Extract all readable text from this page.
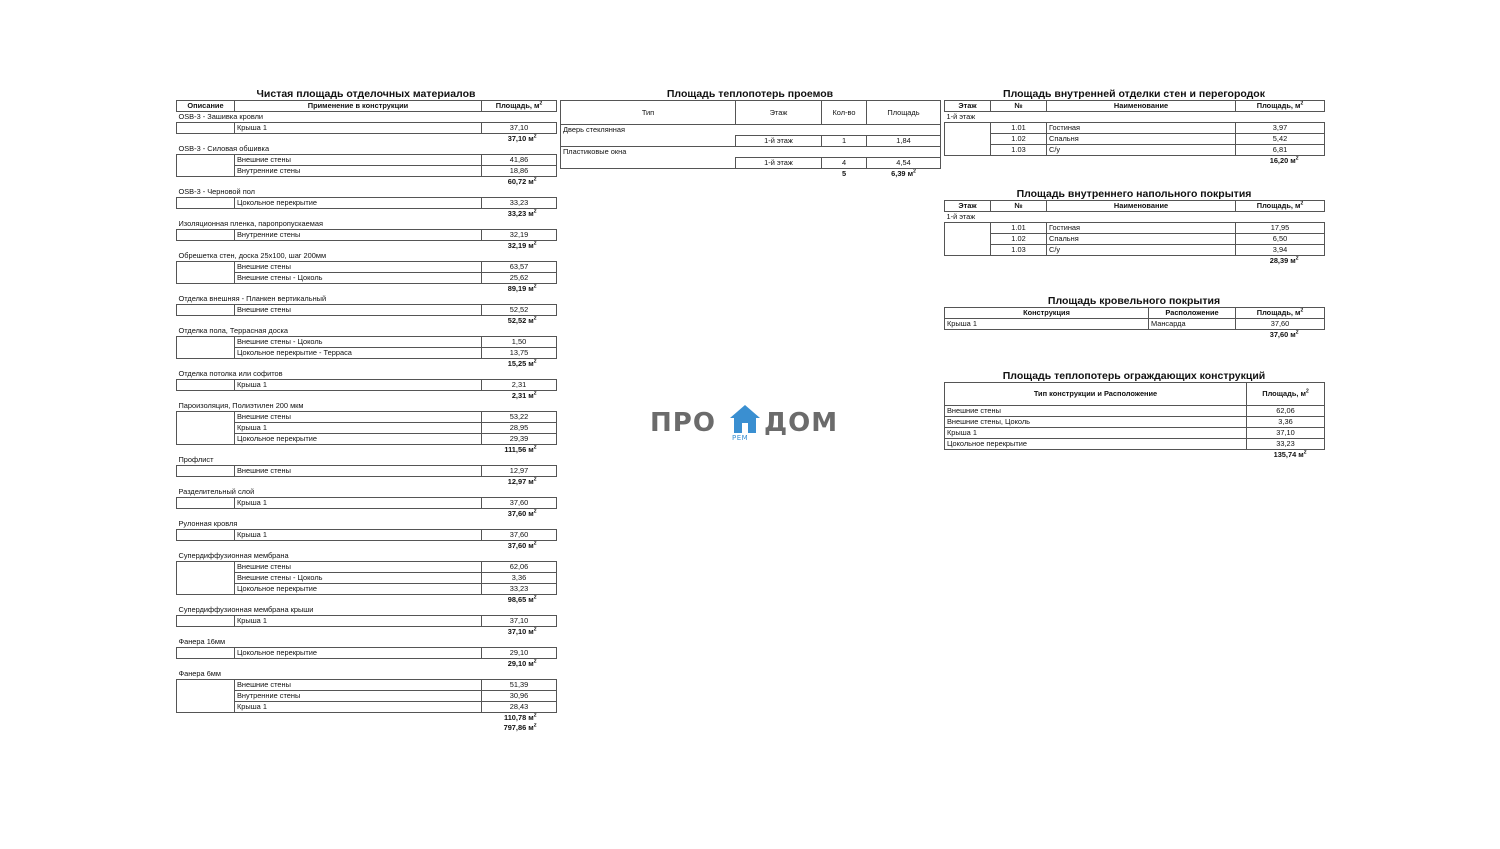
Чистая площадь отделочных материалов
Описание	Применение в конструкции	Площадь, $м^2$
OSB-3 - Зашивка кровли		
	Крыша 1	37,10
		37,10 $м^2$
OSB-3 - Силовая обшивка		
	Внешние стены	41,86
	Внутренние стены	18,86
		60,72 $м^2$
OSB-3 - Черновой пол		
	Цокольное перекрытие	33,23
		33,23 $м^2$
Изоляционная пленка, паропропускаемая		
	Внутренние стены	32,19
		32,19 $м^2$
Обрешетка стен, доска 25х100, шаг 200мм		
	Внешние стены	63,57
	Внешние стены - Цоколь	25,62
		89,19 $м^2$
Отделка внешняя - Планкен вертикальный		
	Внешние стены	52,52
		52,52 $м^2$
Отделка пола, Террасная доска		
	Внешние стены - Цоколь	1,50
	Цокольное перекрытие - Терраса	13,75
		15,25 $м^2$
Отделка потолка или софитов		
	Крыша 1	2,31
		2,31 $м^2$
Пароизоляция, Полиэтилен 200 мкм		
	Внешние стены	53,22
	Крыша 1	28,95
	Цокольное перекрытие	29,39
		111,56 $м^2$
Профлист		
	Внешние стены	12,97
		12,97 $м^2$
Разделительный слой		
	Крыша 1	37,60
		37,60 $м^2$
Рулонная кровля		
	Крыша 1	37,60
		37,60 $м^2$
Супердиффузионная мембрана		
	Внешние стены	62,06
	Внешние стены - Цоколь	3,36
	Цокольное перекрытие	33,23
		98,65 $м^2$
Супердиффузионная мембрана крыши		
	Крыша 1	37,10
		37,10 $м^2$
Фанера 16мм		
	Цокольное перекрытие	29,10
		29,10 $м^2$
Фанера 6мм		
	Внешние стены	51,39
	Внутренние стены	30,96
	Крыша 1	28,43
		110,78 $м^2$
		797,86 $м^2$
Площадь теплопотерь проемов
Тип	Этаж	Кол-во	Площадь
Дверь стеклянная			
	1-й этаж	1	1,84
Пластиковые окна			
	1-й этаж	4	4,54
		5	6,39 $м^2$
Площадь внутренней отделки стен и перегородок
Этаж	№	Наименование	Площадь, $м^2$
1-й этаж			
	1.01	Гостиная	3,97
	1.02	Спальня	5,42
	1.03	С/у	6,81
			16,20 $м^2$
Площадь внутреннего напольного покрытия
Этаж	№	Наименование	Площадь, $м^2$
1-й этаж			
	1.01	Гостиная	17,95
	1.02	Спальня	6,50
	1.03	С/у	3,94
			28,39 $м^2$
Площадь кровельного покрытия
Конструкция	Расположение	Площадь, $м^2$
Крыша 1	Мансарда	37,60
		37,60 $м^2$
Площадь теплопотерь ограждающих конструкций
Тип конструкции и Расположение	Площадь, $м^2$
Внешние стены	62,06
Внешние стены, Цоколь	3,36
Крыша 1	37,10
Цокольное перекрытие	33,23
	135,74 $м^2$
ПРО РЕМ ДОМ
